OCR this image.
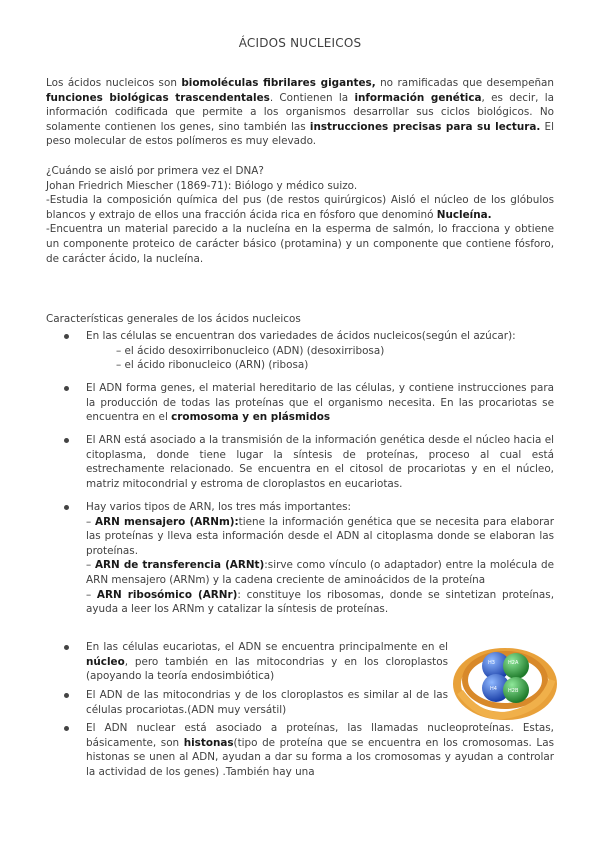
ÁCIDOS NUCLEICOS

Los ácidos nucleicos son biomoléculas fibrilares gigantes, no ramificadas que desempeñan funciones biológicas trascendentales. Contienen la información genética, es decir, la información codificada que permite a los organismos desarrollar sus ciclos biológicos. No solamente contienen los genes, sino también las instrucciones precisas para su lectura. El peso molecular de estos polímeros es muy elevado.

¿Cuándo se aisló por primera vez el DNA?

Johan Friedrich Miescher (1869-71): Biólogo y médico suizo.

-Estudia la composición química del pus (de restos quirúrgicos) Aisló el núcleo de los glóbulos blancos y extrajo de ellos una fracción ácida rica en fósforo que denominó Nucleína.

-Encuentra un material parecido a la nucleína en la esperma de salmón, lo fracciona y obtiene un componente proteico de carácter básico (protamina) y un componente que contiene fósforo, de carácter ácido, la nucleína.

Características generales de los ácidos nucleicos

En las células se encuentran dos variedades de ácidos nucleicos(según el azúcar):
– el ácido desoxirribonucleico (ADN) (desoxirribosa)
– el ácido ribonucleico (ARN) (ribosa)
El ADN forma genes, el material hereditario de las células, y contiene instrucciones para la producción de todas las proteínas que el organismo necesita. En las procariotas se encuentra en el cromosoma y en plásmidos
El ARN está asociado a la transmisión de la información genética desde el núcleo hacia el citoplasma, donde tiene lugar la síntesis de proteínas, proceso al cual está estrechamente relacionado. Se encuentra en el citosol de procariotas y en el núcleo, matriz mitocondrial y estroma de cloroplastos en eucariotas.
Hay varios tipos de ARN, los tres más importantes:
– ARN mensajero (ARNm):tiene la información genética que se necesita para elaborar las proteínas y lleva esta información desde el ADN al citoplasma donde se elaboran las proteínas.
– ARN de transferencia (ARNt):sirve como vínculo (o adaptador) entre la molécula de ARN mensajero (ARNm) y la cadena creciente de aminoácidos de la proteína
– ARN ribosómico (ARNr): constituye los ribosomas, donde se sintetizan proteínas, ayuda a leer los ARNm y catalizar la síntesis de proteínas.
En las células eucariotas, el ADN se encuentra principalmente en el núcleo, pero también en las mitocondrias y en los cloroplastos (apoyando la teoría endosimbiótica)
El ADN de las mitocondrias y de los cloroplastos es similar al de las células procariotas.(ADN muy versátil)
El ADN nuclear está asociado a proteínas, las llamadas nucleoproteínas. Estas, básicamente, son histonas(tipo de proteína que se encuentra en los cromosomas. Las histonas se unen al ADN, ayudan a dar su forma a los cromosomas y ayudan a controlar la actividad de los genes) .También hay una
H3	H2A
H4 H2B
